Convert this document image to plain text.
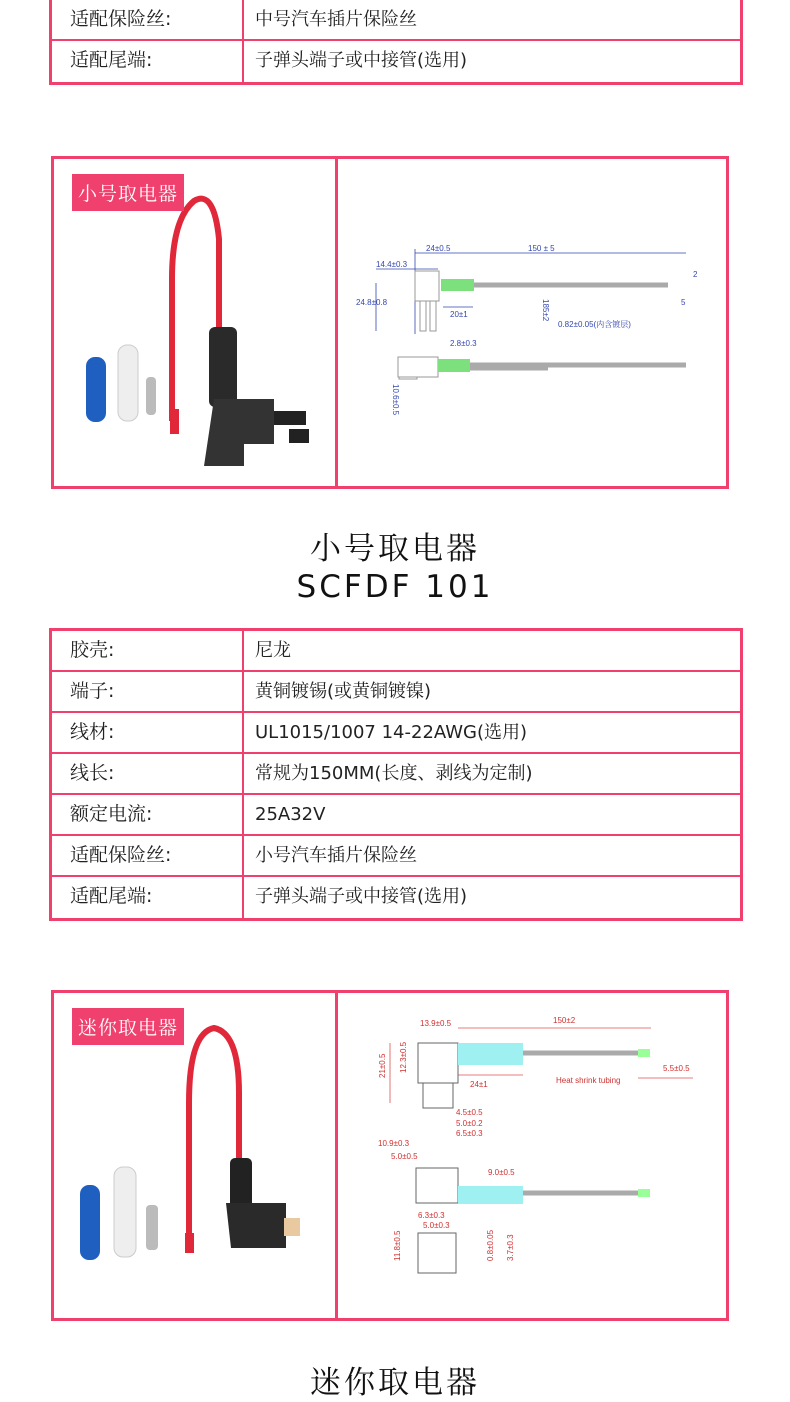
适配保险丝:	中号汽车插片保险丝
适配尾端:	子弹头端子或中接管(选用)
小号取电器
24±0.5	150 ± 5
14.4±0.3
24.8±0.8
20±1
2.8±0.3
2
5
185±2
0.82±0.05(内含镀层)
10.6±0.5
小号取电器
SCFDF 101
胶壳:	尼龙
端子:	黄铜镀锡(或黄铜镀镍)
线材:	UL1015/1007 14-22AWG(选用)
线长:	常规为150MM(长度、剥线为定制)
额定电流:	25A32V
适配保险丝:	小号汽车插片保险丝
适配尾端:	子弹头端子或中接管(选用)
迷你取电器	13.9±0.5	150±2
21±0.5 12.3±0.5
24±1	Heat shrink tubing
5.5±0.5
4.5±0.5
5.0±0.2
6.5±0.3
10.9±0.3
5.0±0.5
9.0±0.5
6.3±0.3
5.0±0.3
11.8±0.5	0.8±0.05 3.7±0.3
迷你取电器
